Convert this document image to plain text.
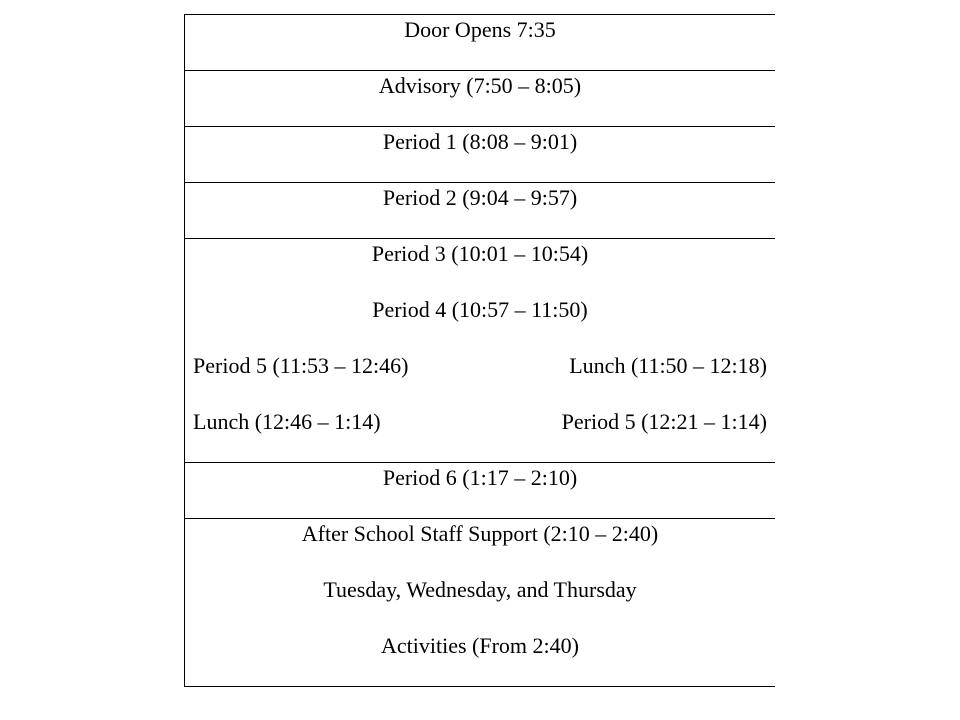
Door Opens 7:35
Advisory (7:50 – 8:05)
Period 1 (8:08 – 9:01)
Period 2 (9:04 – 9:57)
Period 3 (10:01 – 10:54)
Period 4 (10:57 – 11:50)
Period 5 (11:53 – 12:46)	Lunch (11:50 – 12:18)
Lunch (12:46 – 1:14)	Period 5 (12:21 – 1:14)
Period 6 (1:17 – 2:10)
After School Staff Support (2:10 – 2:40)
Tuesday, Wednesday, and Thursday
Activities (From 2:40)
